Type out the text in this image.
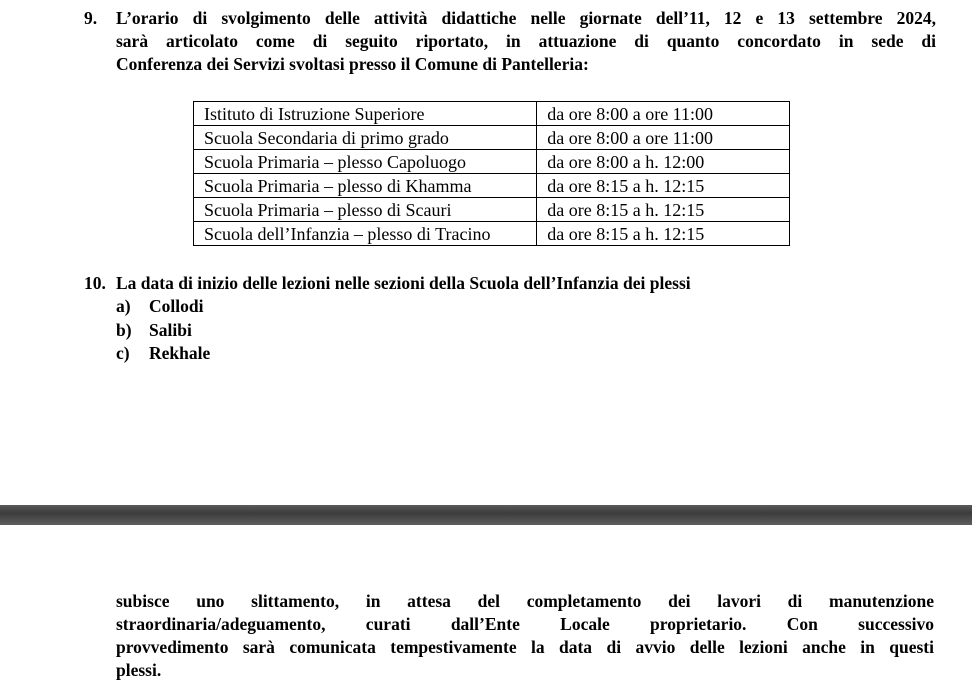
9. L’orario di svolgimento delle attività didattiche nelle giornate dell’11, 12 e 13 settembre 2024,
sarà articolato come di seguito riportato, in attuazione di quanto concordato in sede di
Conferenza dei Servizi svoltasi presso il Comune di Pantelleria:
Istituto di Istruzione Superiore	da ore 8:00 a ore 11:00
Scuola Secondaria di primo grado	da ore 8:00 a ore 11:00
Scuola Primaria – plesso Capoluogo	da ore 8:00 a h. 12:00
Scuola Primaria – plesso di Khamma	da ore 8:15 a h. 12:15
Scuola Primaria – plesso di Scauri	da ore 8:15 a h. 12:15
Scuola dell’Infanzia – plesso di Tracino	da ore 8:15 a h. 12:15
10. La data di inizio delle lezioni nelle sezioni della Scuola dell’Infanzia dei plessi
a) Collodi
b) Salibi
c) Rekhale
subisce uno slittamento, in attesa del completamento dei lavori di manutenzione
straordinaria/adeguamento, curati dall’Ente Locale proprietario. Con successivo
provvedimento sarà comunicata tempestivamente la data di avvio delle lezioni anche in questi
plessi.
